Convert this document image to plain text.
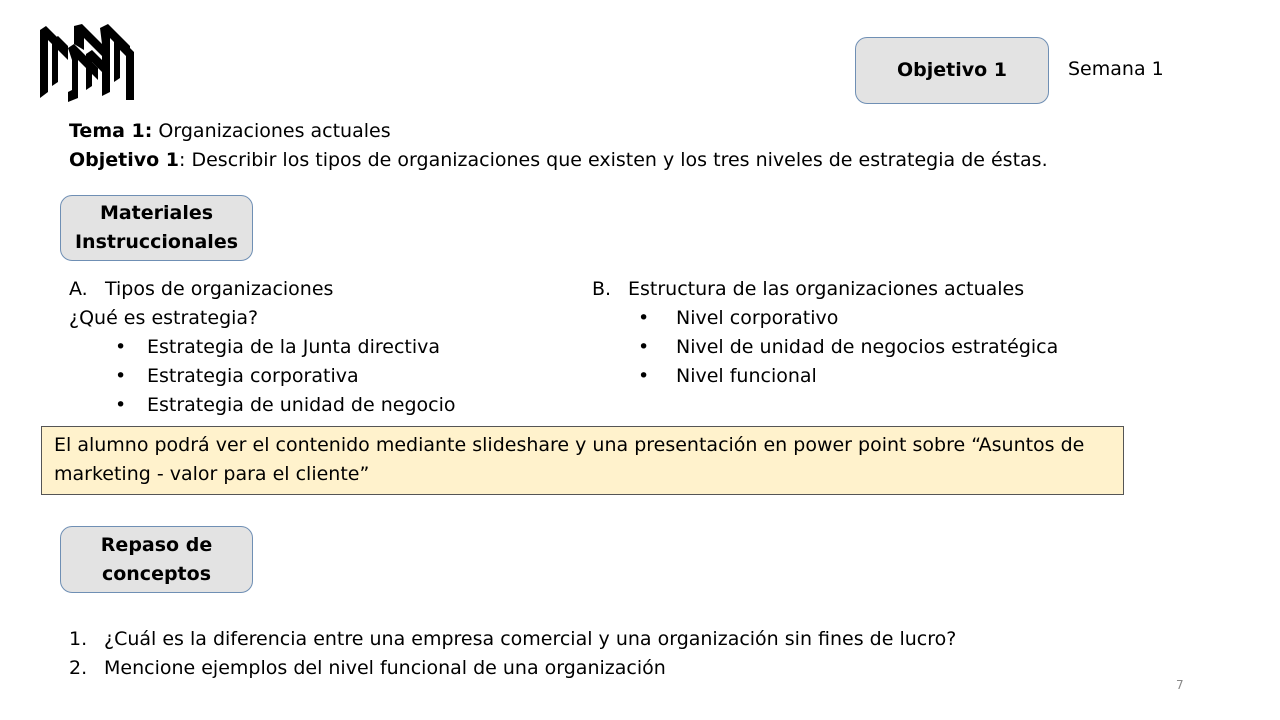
Objetivo 1	Semana 1
Tema 1: Organizaciones actuales
Objetivo 1: Describir los tipos de organizaciones que existen y los tres niveles de estrategia de éstas.
Materiales
Instruccionales
A. Tipos de organizaciones
¿Qué es estrategia?
• Estrategia de la Junta directiva
• Estrategia corporativa
• Estrategia de unidad de negocio
B. Estructura de las organizaciones actuales
• Nivel corporativo
• Nivel de unidad de negocios estratégica
• Nivel funcional
El alumno podrá ver el contenido mediante slideshare y una presentación en power point sobre “Asuntos de marketing - valor para el cliente”
Repaso de
conceptos
1. ¿Cuál es la diferencia entre una empresa comercial y una organización sin fines de lucro?
2. Mencione ejemplos del nivel funcional de una organización
7
